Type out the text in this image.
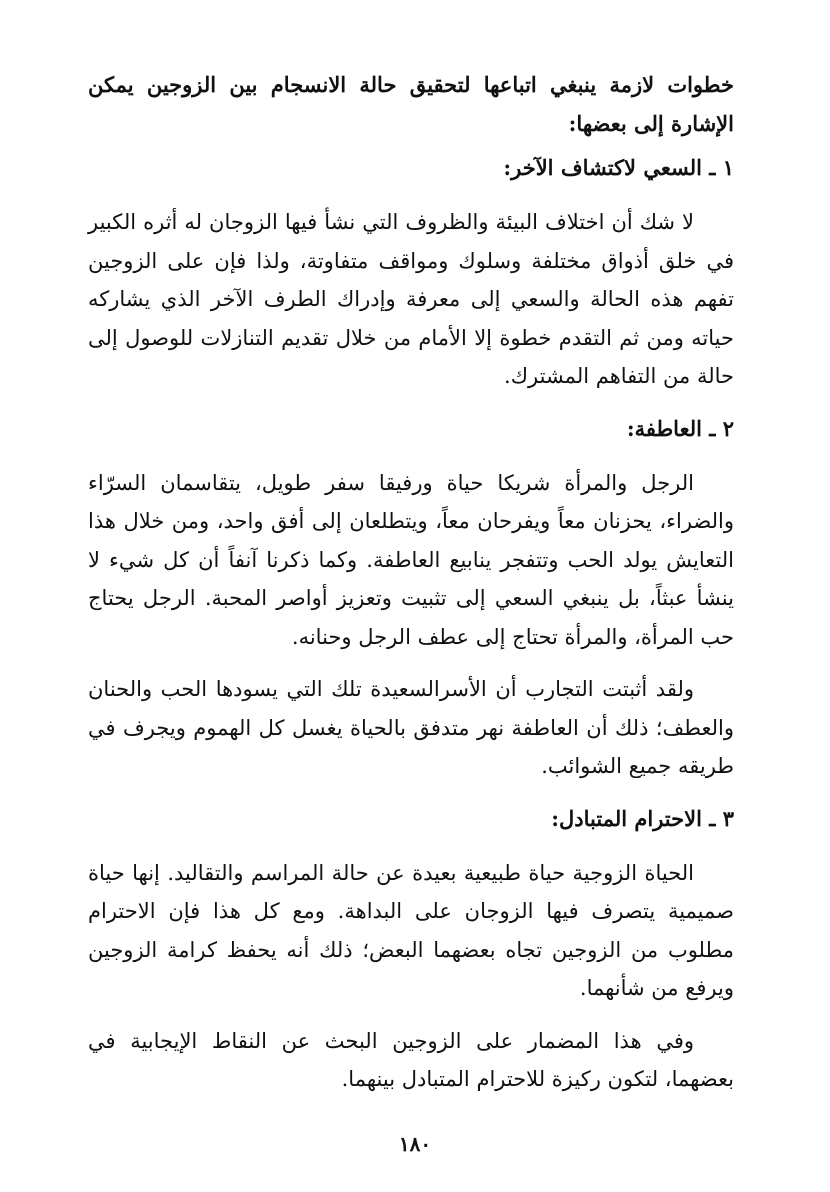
خطوات لازمة ينبغي اتباعها لتحقيق حالة الانسجام بين الزوجين يمكن الإشارة إلى بعضها:

١ ـ السعي لاكتشاف الآخر:

لا شك أن اختلاف البيئة والظروف التي نشأ فيها الزوجان له أثره الكبير في خلق أذواق مختلفة وسلوك ومواقف متفاوتة، ولذا فإن على الزوجين تفهم هذه الحالة والسعي إلى معرفة وإدراك الطرف الآخر الذي يشاركه حياته ومن ثم التقدم خطوة إلا الأمام من خلال تقديم التنازلات للوصول إلى حالة من التفاهم المشترك.

٢ ـ العاطفة:

الرجل والمرأة شريكا حياة ورفيقا سفر طويل، يتقاسمان السرّاء والضراء، يحزنان معاً ويفرحان معاً، ويتطلعان إلى أفق واحد، ومن خلال هذا التعايش يولد الحب وتتفجر ينابيع العاطفة. وكما ذكرنا آنفاً أن كل شيء لا ينشأ عبثاً، بل ينبغي السعي إلى تثبيت وتعزيز أواصر المحبة. الرجل يحتاج حب المرأة، والمرأة تحتاج إلى عطف الرجل وحنانه.

ولقد أثبتت التجارب أن الأسرالسعيدة تلك التي يسودها الحب والحنان والعطف؛ ذلك أن العاطفة نهر متدفق بالحياة يغسل كل الهموم ويجرف في طريقه جميع الشوائب.

٣ ـ الاحترام المتبادل:

الحياة الزوجية حياة طبيعية بعيدة عن حالة المراسم والتقاليد. إنها حياة صميمية يتصرف فيها الزوجان على البداهة. ومع كل هذا فإن الاحترام مطلوب من الزوجين تجاه بعضهما البعض؛ ذلك أنه يحفظ كرامة الزوجين ويرفع من شأنهما.

وفي هذا المضمار على الزوجين البحث عن النقاط الإيجابية في بعضهما، لتكون ركيزة للاحترام المتبادل بينهما.

١٨٠
